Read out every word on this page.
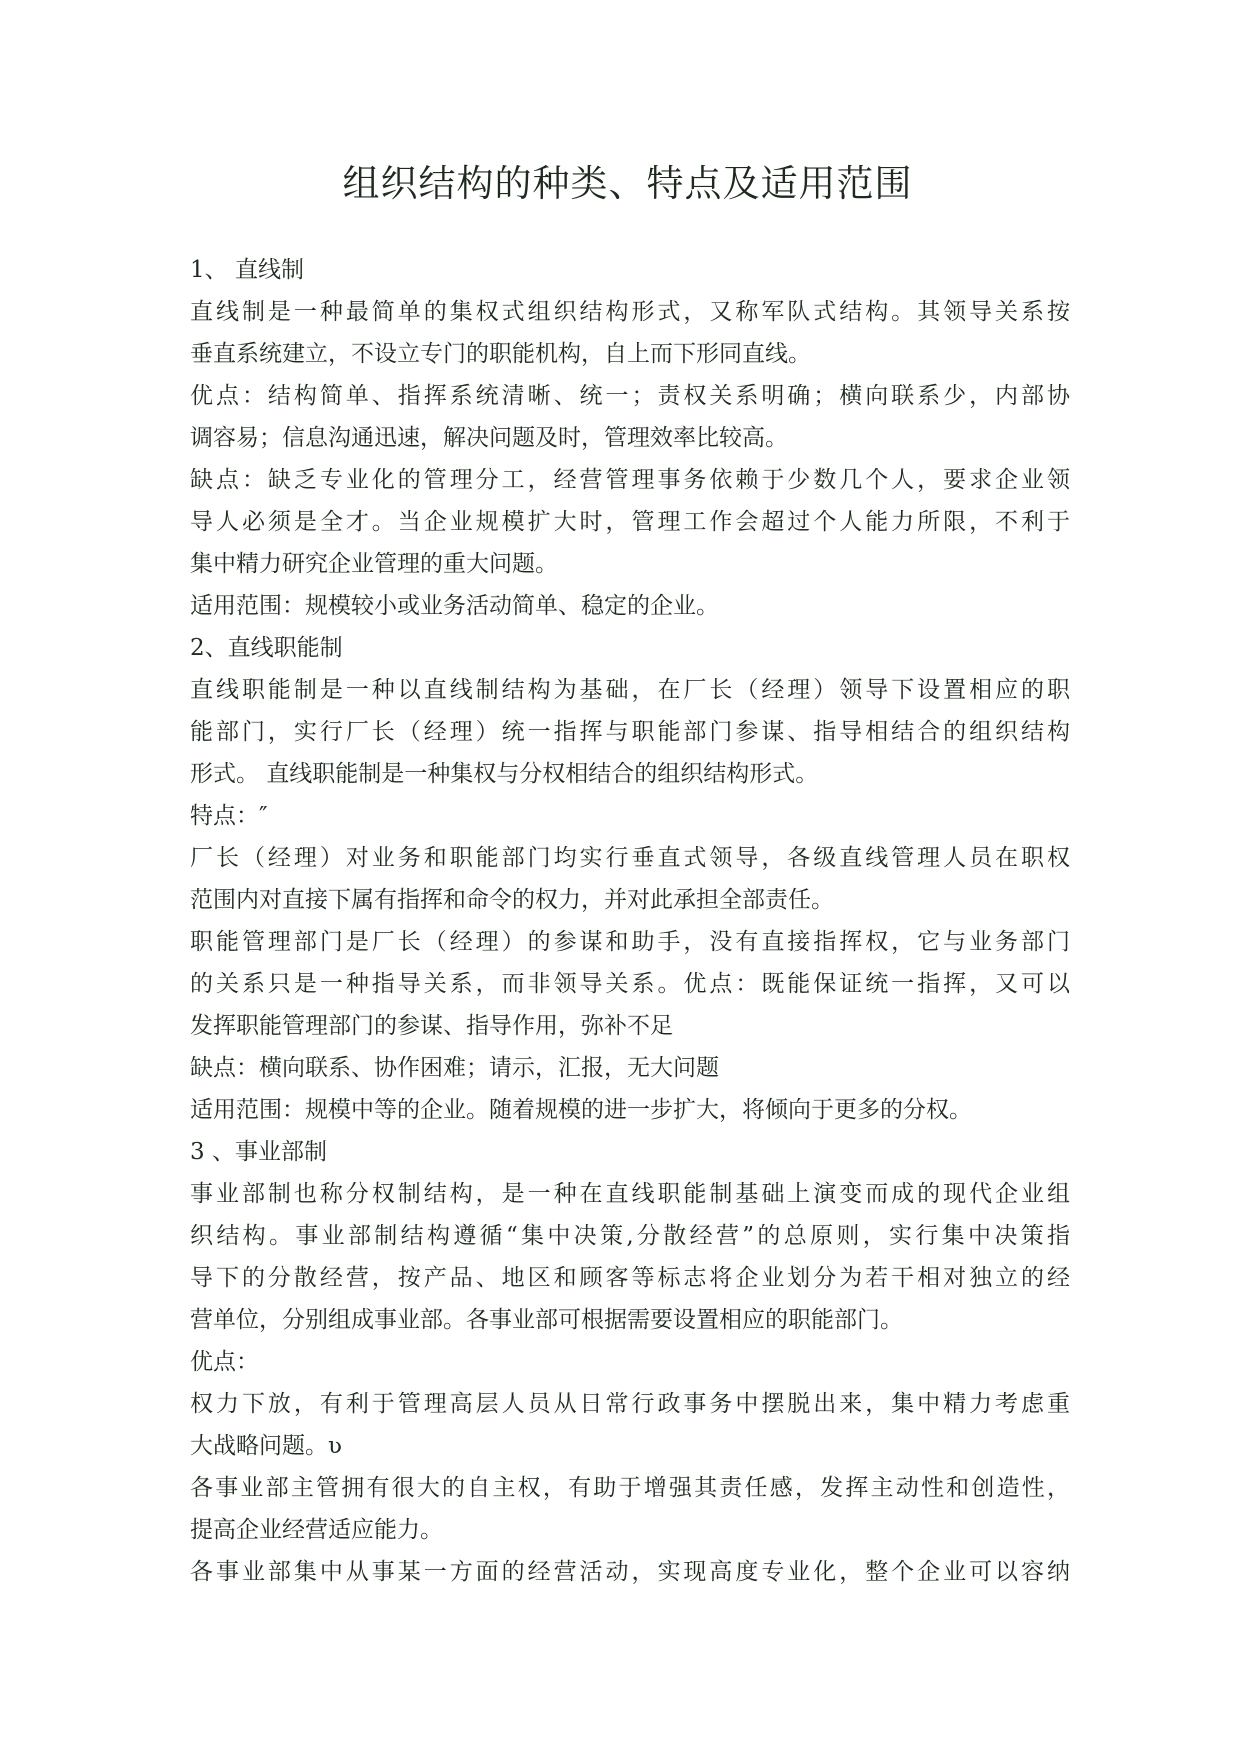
组织结构的种类、特点及适用范围
1、 直线制
直线制是一种最简单的集权式组织结构形式，又称军队式结构。其领导关系按
垂直系统建立，不设立专门的职能机构，自上而下形同直线。
优点：结构简单、指挥系统清晰、统一；责权关系明确；横向联系少，内部协
调容易；信息沟通迅速，解决问题及时，管理效率比较高。
缺点：缺乏专业化的管理分工，经营管理事务依赖于少数几个人，要求企业领
导人必须是全才。当企业规模扩大时，管理工作会超过个人能力所限，不利于
集中精力研究企业管理的重大问题。
适用范围：规模较小或业务活动简单、稳定的企业。
2、直线职能制
直线职能制是一种以直线制结构为基础，在厂长（经理）领导下设置相应的职
能部门，实行厂长（经理）统一指挥与职能部门参谋、指导相结合的组织结构
形式。 直线职能制是一种集权与分权相结合的组织结构形式。
特点：″
厂长（经理）对业务和职能部门均实行垂直式领导，各级直线管理人员在职权
范围内对直接下属有指挥和命令的权力，并对此承担全部责任。
职能管理部门是厂长（经理）的参谋和助手，没有直接指挥权，它与业务部门
的关系只是一种指导关系，而非领导关系。优点：既能保证统一指挥，又可以
发挥职能管理部门的参谋、指导作用，弥补不足
缺点：横向联系、协作困难；请示，汇报，无大问题
适用范围：规模中等的企业。随着规模的进一步扩大，将倾向于更多的分权。
3 、事业部制
事业部制也称分权制结构，是一种在直线职能制基础上演变而成的现代企业组
织结构。事业部制结构遵循“集中决策,分散经营”的总原则，实行集中决策指
导下的分散经营，按产品、地区和顾客等标志将企业划分为若干相对独立的经
营单位，分别组成事业部。各事业部可根据需要设置相应的职能部门。
优点：
权力下放，有利于管理高层人员从日常行政事务中摆脱出来，集中精力考虑重
大战略问题。ʋ
各事业部主管拥有很大的自主权，有助于增强其责任感，发挥主动性和创造性，
提高企业经营适应能力。
各事业部集中从事某一方面的经营活动，实现高度专业化，整个企业可以容纳
